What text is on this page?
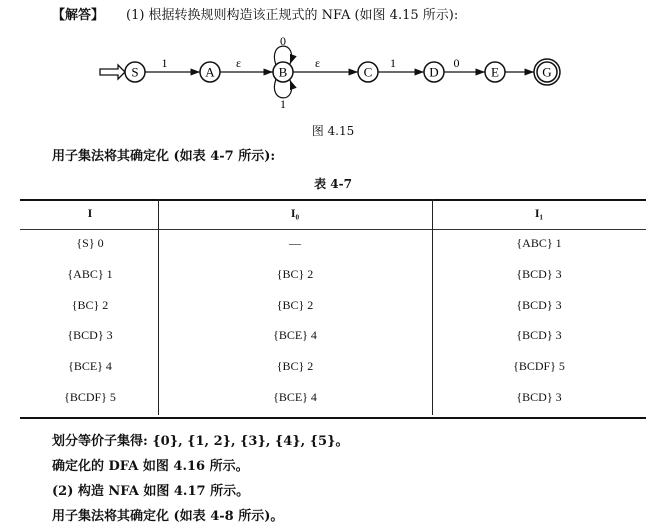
【解答】 (1) 根据转换规则构造该正规式的 NFA (如图 4.15 所示):
S	A	B	C	D	E	G
1	ε	ε	1	0
0
1
图 4.15
用子集法将其确定化 (如表 4-7 所示):
表 4-7
I	I₀	I₁
{S} 0	—	{ABC} 1
{ABC} 1	{BC} 2	{BCD} 3
{BC} 2	{BC} 2	{BCD} 3
{BCD} 3	{BCE} 4	{BCD} 3
{BCE} 4	{BC} 2	{BCDF} 5
{BCDF} 5	{BCE} 4	{BCD} 3
划分等价子集得: {0}, {1, 2}, {3}, {4}, {5}。
确定化的 DFA 如图 4.16 所示。
(2) 构造 NFA 如图 4.17 所示。
用子集法将其确定化 (如表 4-8 所示)。
